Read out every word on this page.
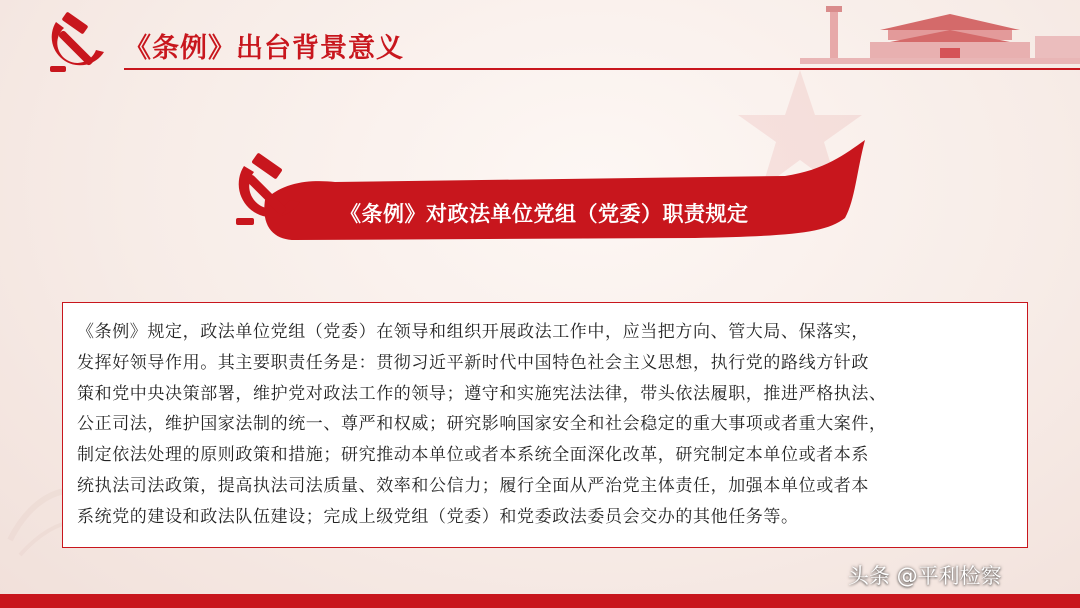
《条例》出台背景意义
《条例》对政法单位党组（党委）职责规定
《条例》规定，政法单位党组（党委）在领导和组织开展政法工作中，应当把方向、管大局、保落实，
发挥好领导作用。其主要职责任务是：贯彻习近平新时代中国特色社会主义思想，执行党的路线方针政
策和党中央决策部署，维护党对政法工作的领导；遵守和实施宪法法律，带头依法履职，推进严格执法、
公正司法，维护国家法制的统一、尊严和权威；研究影响国家安全和社会稳定的重大事项或者重大案件，
制定依法处理的原则政策和措施；研究推动本单位或者本系统全面深化改革，研究制定本单位或者本系
统执法司法政策，提高执法司法质量、效率和公信力；履行全面从严治党主体责任，加强本单位或者本
系统党的建设和政法队伍建设；完成上级党组（党委）和党委政法委员会交办的其他任务等。
头条 @平利检察
